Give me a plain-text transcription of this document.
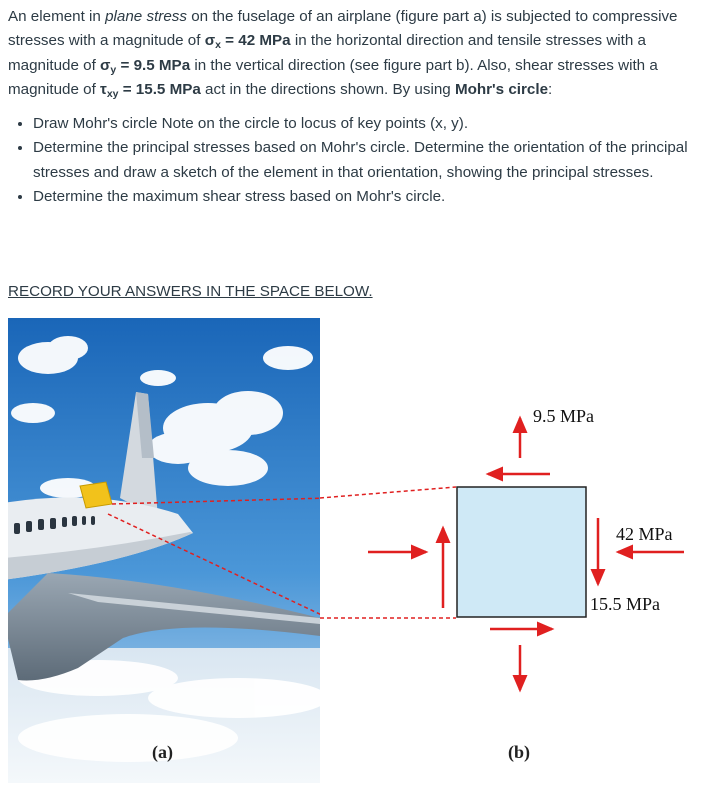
An element in plane stress on the fuselage of an airplane (figure part a) is subjected to compressive stresses with a magnitude of $\sigma_x = 42$ MPa in the horizontal direction and tensile stresses with a magnitude of $\sigma_y = 9.5$ MPa in the vertical direction (see figure part b). Also, shear stresses with a magnitude of $\tau_{xy} = 15.5$ MPa act in the directions shown. By using Mohr's circle:

• Draw Mohr's circle Note on the circle to locus of key points (x, y).
• Determine the principal stresses based on Mohr's circle. Determine the orientation of the principal stresses and draw a sketch of the element in that orientation, showing the principal stresses.
• Determine the maximum shear stress based on Mohr's circle.
RECORD YOUR ANSWERS IN THE SPACE BELOW.
9.5 MPa
42 MPa
15.5 MPa
(a)	(b)
